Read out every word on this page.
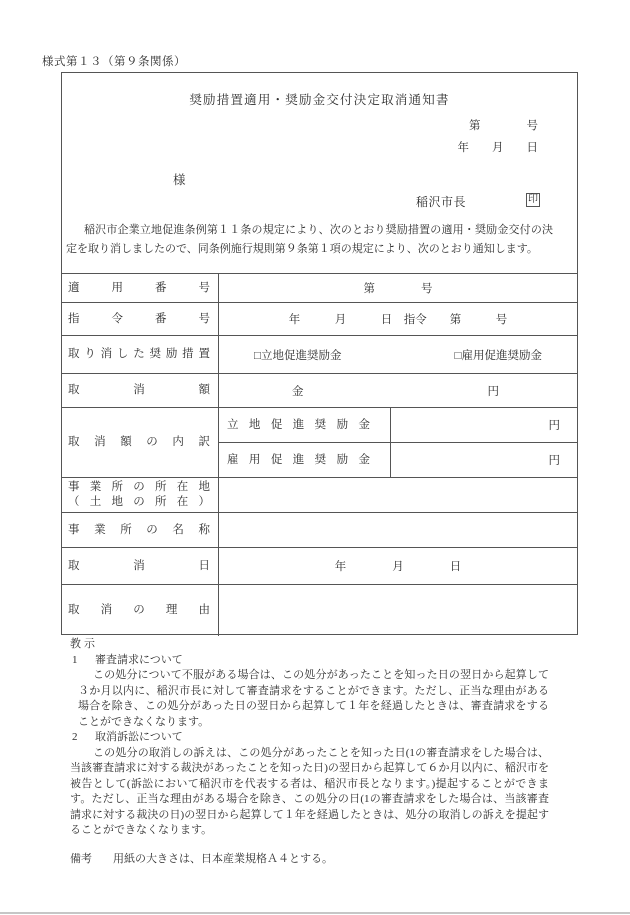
様式第１３（第９条関係）
奨励措置適用・奨励金交付決定取消通知書
第　　　　号
年　　月　　日
様
稲沢市長	印
稲沢市企業立地促進条例第１１条の規定により、次のとおり奨励措置の適用・奨励金交付の決定を取り消しましたので、同条例施行規則第９条第１項の規定により、次のとおり通知します。
適用番号	第　　　　号
指令番号	年　　　月　　　日　指令　　第　　　号
取り消した奨励措置	□立地促進奨励金	□雇用促進奨励金
取消額	金	円
取消額の内訳
立地促進奨励金	円
雇用促進奨励金	円
事業所の所在地
（土地の所在）
事業所の名称
取消日	年　　　　月　　　　日
取消の理由
教示
1	審査請求について
この処分について不服がある場合は、この処分があったことを知った日の翌日から起算して３か月以内に、稲沢市長に対して審査請求をすることができます。ただし、正当な理由がある場合を除き、この処分があった日の翌日から起算して１年を経過したときは、審査請求をすることができなくなります。
2	取消訴訟について
この処分の取消しの訴えは、この処分があったことを知った日(1の審査請求をした場合は、当該審査請求に対する裁決があったことを知った日)の翌日から起算して６か月以内に、稲沢市を被告として(訴訟において稲沢市を代表する者は、稲沢市長となります。)提起することができます。ただし、正当な理由がある場合を除き、この処分の日(1の審査請求をした場合は、当該審査請求に対する裁決の日)の翌日から起算して１年を経過したときは、処分の取消しの訴えを提起することができなくなります。
備考	用紙の大きさは、日本産業規格Ａ４とする。
